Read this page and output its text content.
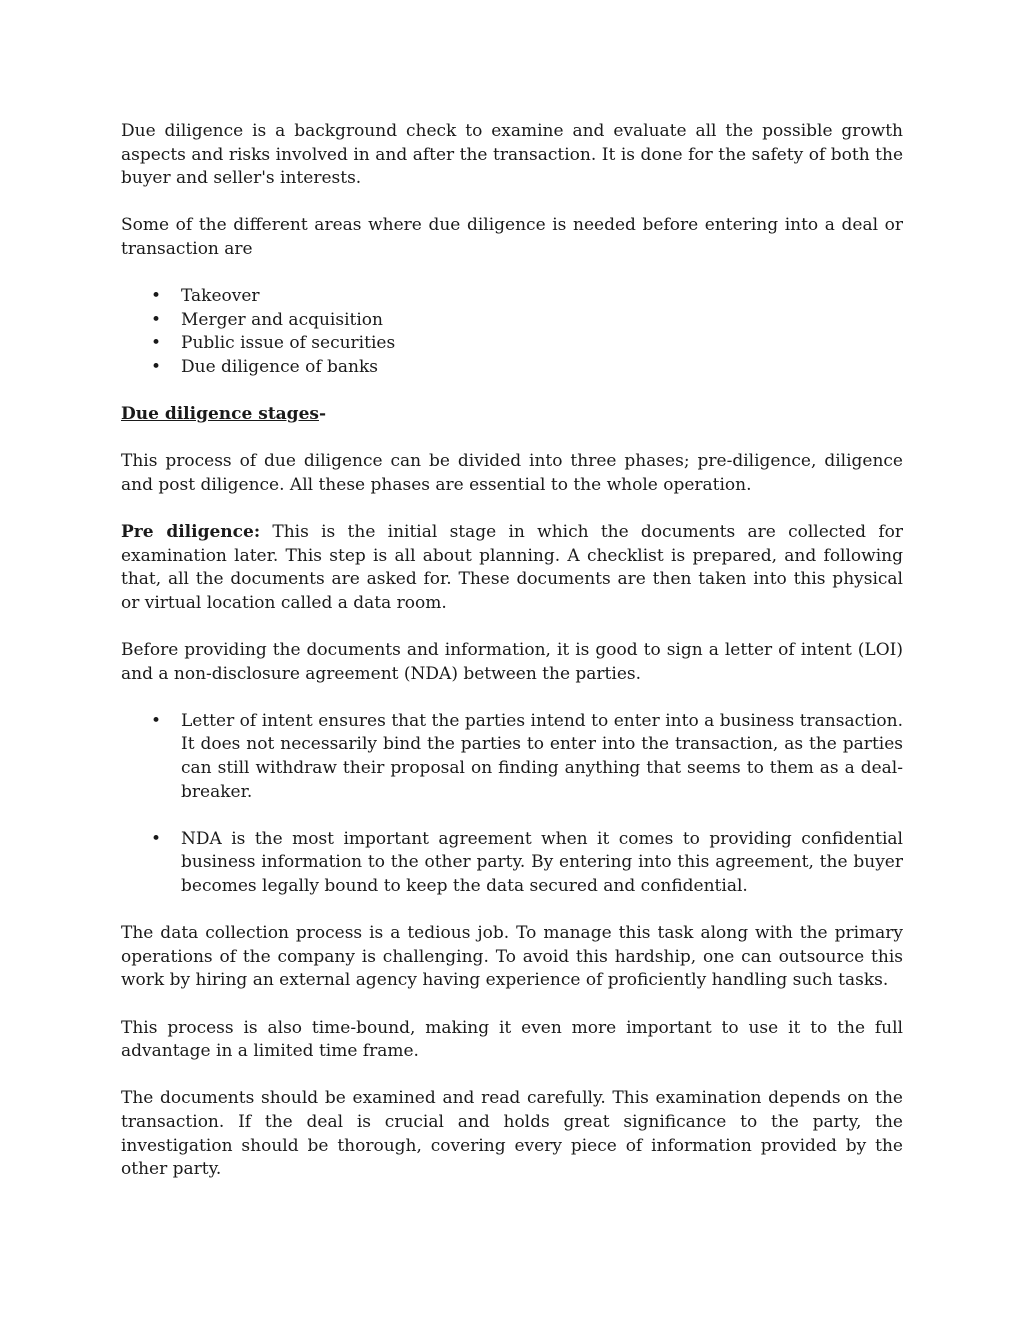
Due diligence is a background check to examine and evaluate all the possible growth aspects and risks involved in and after the transaction. It is done for the safety of both the buyer and seller's interests.

Some of the different areas where due diligence is needed before entering into a deal or transaction are

• Takeover
• Merger and acquisition
• Public issue of securities
• Due diligence of banks

Due diligence stages-

This process of due diligence can be divided into three phases; pre-diligence, diligence and post diligence. All these phases are essential to the whole operation.

Pre diligence: This is the initial stage in which the documents are collected for examination later. This step is all about planning. A checklist is prepared, and following that, all the documents are asked for. These documents are then taken into this physical or virtual location called a data room.

Before providing the documents and information, it is good to sign a letter of intent (LOI) and a non-disclosure agreement (NDA) between the parties.

• Letter of intent ensures that the parties intend to enter into a business transaction. It does not necessarily bind the parties to enter into the transaction, as the parties can still withdraw their proposal on finding anything that seems to them as a deal-breaker.
• NDA is the most important agreement when it comes to providing confidential business information to the other party. By entering into this agreement, the buyer becomes legally bound to keep the data secured and confidential.

The data collection process is a tedious job. To manage this task along with the primary operations of the company is challenging. To avoid this hardship, one can outsource this work by hiring an external agency having experience of proficiently handling such tasks.

This process is also time-bound, making it even more important to use it to the full advantage in a limited time frame.

The documents should be examined and read carefully. This examination depends on the transaction. If the deal is crucial and holds great significance to the party, the investigation should be thorough, covering every piece of information provided by the other party.
